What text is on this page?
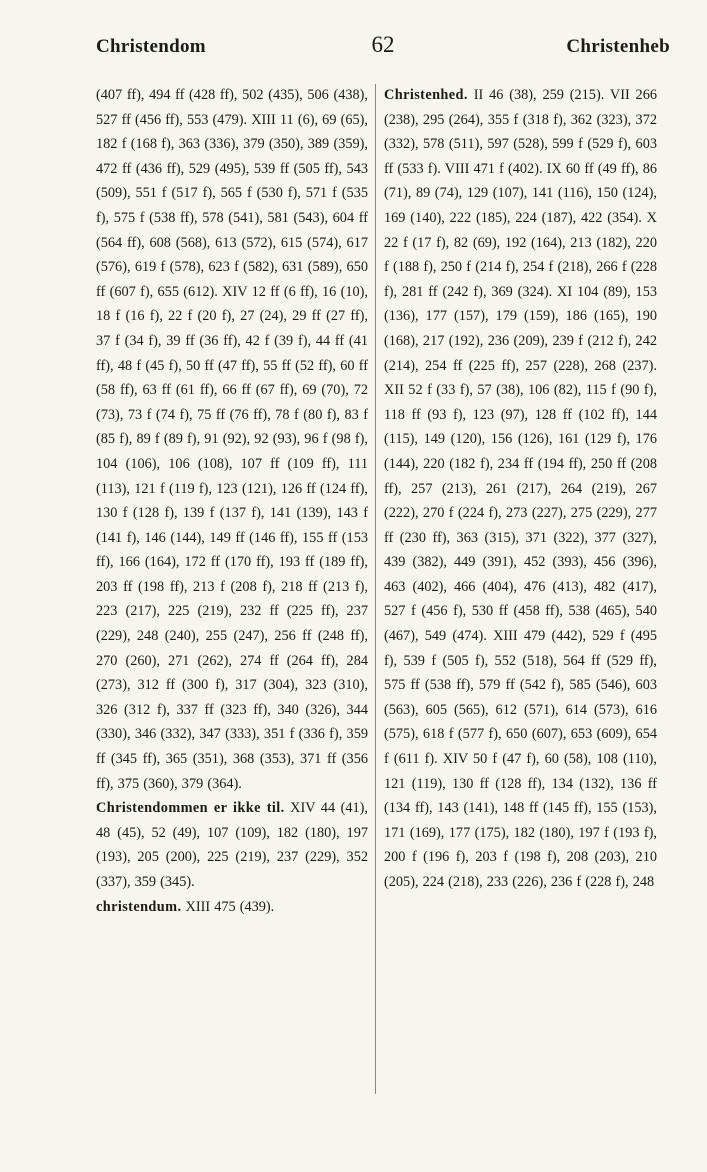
Christendom	62	Christenheb

(407 ff), 494 ff (428 ff), 502 (435), 506 (438), 527 ff (456 ff), 553 (479). XIII 11 (6), 69 (65), 182 f (168 f), 363 (336), 379 (350), 389 (359), 472 ff (436 ff), 529 (495), 539 ff (505 ff), 543 (509), 551 f (517 f), 565 f (530 f), 571 f (535 f), 575 f (538 ff), 578 (541), 581 (543), 604 ff (564 ff), 608 (568), 613 (572), 615 (574), 617 (576), 619 f (578), 623 f (582), 631 (589), 650 ff (607 f), 655 (612). XIV 12 ff (6 ff), 16 (10), 18 f (16 f), 22 f (20 f), 27 (24), 29 ff (27 ff), 37 f (34 f), 39 ff (36 ff), 42 f (39 f), 44 ff (41 ff), 48 f (45 f), 50 ff (47 ff), 55 ff (52 ff), 60 ff (58 ff), 63 ff (61 ff), 66 ff (67 ff), 69 (70), 72 (73), 73 f (74 f), 75 ff (76 ff), 78 f (80 f), 83 f (85 f), 89 f (89 f), 91 (92), 92 (93), 96 f (98 f), 104 (106), 106 (108), 107 ff (109 ff), 111 (113), 121 f (119 f), 123 (121), 126 ff (124 ff), 130 f (128 f), 139 f (137 f), 141 (139), 143 f (141 f), 146 (144), 149 ff (146 ff), 155 ff (153 ff), 166 (164), 172 ff (170 ff), 193 ff (189 ff), 203 ff (198 ff), 213 f (208 f), 218 ff (213 f), 223 (217), 225 (219), 232 ff (225 ff), 237 (229), 248 (240), 255 (247), 256 ff (248 ff), 270 (260), 271 (262), 274 ff (264 ff), 284 (273), 312 ff (300 f), 317 (304), 323 (310), 326 (312 f), 337 ff (323 ff), 340 (326), 344 (330), 346 (332), 347 (333), 351 f (336 f), 359 ff (345 ff), 365 (351), 368 (353), 371 ff (356 ff), 375 (360), 379 (364).

Christendommen er ikke til. XIV 44 (41), 48 (45), 52 (49), 107 (109), 182 (180), 197 (193), 205 (200), 225 (219), 237 (229), 352 (337), 359 (345).

christendum. XIII 475 (439).

Christenhed. II 46 (38), 259 (215). VII 266 (238), 295 (264), 355 f (318 f), 362 (323), 372 (332), 578 (511), 597 (528), 599 f (529 f), 603 ff (533 f). VIII 471 f (402). IX 60 ff (49 ff), 86 (71), 89 (74), 129 (107), 141 (116), 150 (124), 169 (140), 222 (185), 224 (187), 422 (354). X 22 f (17 f), 82 (69), 192 (164), 213 (182), 220 f (188 f), 250 f (214 f), 254 f (218), 266 f (228 f), 281 ff (242 f), 369 (324). XI 104 (89), 153 (136), 177 (157), 179 (159), 186 (165), 190 (168), 217 (192), 236 (209), 239 f (212 f), 242 (214), 254 ff (225 ff), 257 (228), 268 (237). XII 52 f (33 f), 57 (38), 106 (82), 115 f (90 f), 118 ff (93 f), 123 (97), 128 ff (102 ff), 144 (115), 149 (120), 156 (126), 161 (129 f), 176 (144), 220 (182 f), 234 ff (194 ff), 250 ff (208 ff), 257 (213), 261 (217), 264 (219), 267 (222), 270 f (224 f), 273 (227), 275 (229), 277 ff (230 ff), 363 (315), 371 (322), 377 (327), 439 (382), 449 (391), 452 (393), 456 (396), 463 (402), 466 (404), 476 (413), 482 (417), 527 f (456 f), 530 ff (458 ff), 538 (465), 540 (467), 549 (474). XIII 479 (442), 529 f (495 f), 539 f (505 f), 552 (518), 564 ff (529 ff), 575 ff (538 ff), 579 ff (542 f), 585 (546), 603 (563), 605 (565), 612 (571), 614 (573), 616 (575), 618 f (577 f), 650 (607), 653 (609), 654 f (611 f). XIV 50 f (47 f), 60 (58), 108 (110), 121 (119), 130 ff (128 ff), 134 (132), 136 ff (134 ff), 143 (141), 148 ff (145 ff), 155 (153), 171 (169), 177 (175), 182 (180), 197 f (193 f), 200 f (196 f), 203 f (198 f), 208 (203), 210 (205), 224 (218), 233 (226), 236 f (228 f), 248
